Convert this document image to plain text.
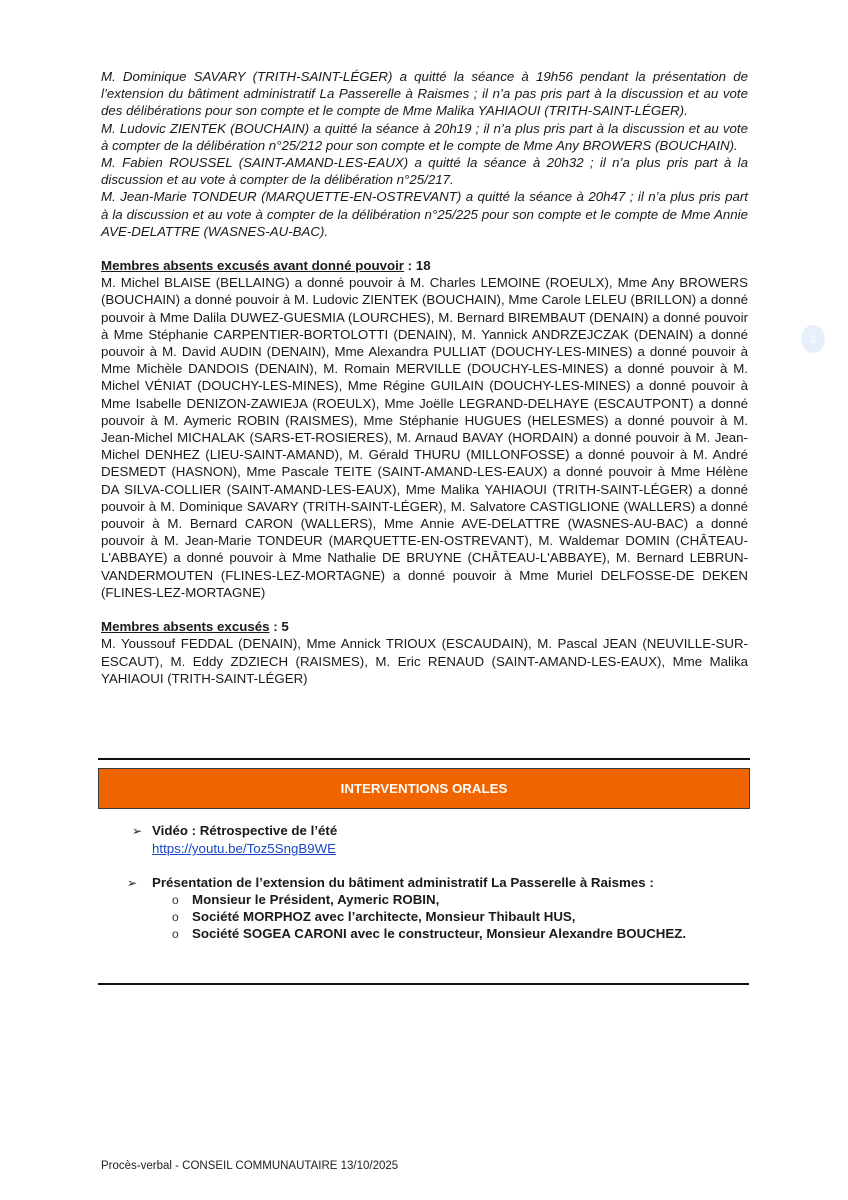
M. Dominique SAVARY (TRITH-SAINT-LÉGER) a quitté la séance à 19h56 pendant la présentation de l’extension du bâtiment administratif La Passerelle à Raismes ; il n’a pas pris part à la discussion et au vote des délibérations pour son compte et le compte de Mme Malika YAHIAOUI (TRITH-SAINT-LÉGER).

M. Ludovic ZIENTEK (BOUCHAIN) a quitté la séance à 20h19 ; il n’a plus pris part à la discussion et au vote à compter de la délibération n°25/212 pour son compte et le compte de Mme Any BROWERS (BOUCHAIN).

M. Fabien ROUSSEL (SAINT-AMAND-LES-EAUX) a quitté la séance à 20h32 ; il n’a plus pris part à la discussion et au vote à compter de la délibération n°25/217.

M. Jean-Marie TONDEUR (MARQUETTE-EN-OSTREVANT) a quitté la séance à 20h47 ; il n’a plus pris part à la discussion et au vote à compter de la délibération n°25/225 pour son compte et le compte de Mme Annie AVE-DELATTRE (WASNES-AU-BAC).

Membres absents excusés avant donné pouvoir : 18

M. Michel BLAISE (BELLAING) a donné pouvoir à M. Charles LEMOINE (ROEULX), Mme Any BROWERS (BOUCHAIN) a donné pouvoir à M. Ludovic ZIENTEK (BOUCHAIN), Mme Carole LELEU (BRILLON) a donné pouvoir à Mme Dalila DUWEZ-GUESMIA (LOURCHES), M. Bernard BIREMBAUT (DENAIN) a donné pouvoir à Mme Stéphanie CARPENTIER-BORTOLOTTI (DENAIN), M. Yannick ANDRZEJCZAK (DENAIN) a donné pouvoir à M. David AUDIN (DENAIN), Mme Alexandra PULLIAT (DOUCHY-LES-MINES) a donné pouvoir à Mme Michèle DANDOIS (DENAIN), M. Romain MERVILLE (DOUCHY-LES-MINES) a donné pouvoir à M. Michel VÉNIAT (DOUCHY-LES-MINES), Mme Régine GUILAIN (DOUCHY-LES-MINES) a donné pouvoir à Mme Isabelle DENIZON-ZAWIEJA (ROEULX), Mme Joëlle LEGRAND-DELHAYE (ESCAUTPONT) a donné pouvoir à M. Aymeric ROBIN (RAISMES), Mme Stéphanie HUGUES (HELESMES) a donné pouvoir à M. Jean-Michel MICHALAK (SARS-ET-ROSIERES), M. Arnaud BAVAY (HORDAIN) a donné pouvoir à M. Jean-Michel DENHEZ (LIEU-SAINT-AMAND), M. Gérald THURU (MILLONFOSSE) a donné pouvoir à M. André DESMEDT (HASNON), Mme Pascale TEITE (SAINT-AMAND-LES-EAUX) a donné pouvoir à Mme Hélène DA SILVA-COLLIER (SAINT-AMAND-LES-EAUX), Mme Malika YAHIAOUI (TRITH-SAINT-LÉGER) a donné pouvoir à M. Dominique SAVARY (TRITH-SAINT-LÉGER), M. Salvatore CASTIGLIONE (WALLERS) a donné pouvoir à M. Bernard CARON (WALLERS), Mme Annie AVE-DELATTRE (WASNES-AU-BAC) a donné pouvoir à M. Jean-Marie TONDEUR (MARQUETTE-EN-OSTREVANT), M. Waldemar DOMIN (CHÂTEAU-L'ABBAYE) a donné pouvoir à Mme Nathalie DE BRUYNE (CHÂTEAU-L'ABBAYE), M. Bernard LEBRUN-VANDERMOUTEN (FLINES-LEZ-MORTAGNE) a donné pouvoir à Mme Muriel DELFOSSE-DE DEKEN (FLINES-LEZ-MORTAGNE)

Membres absents excusés : 5

M. Youssouf FEDDAL (DENAIN), Mme Annick TRIOUX (ESCAUDAIN), M. Pascal JEAN (NEUVILLE-SUR-ESCAUT), M. Eddy ZDZIECH (RAISMES), M. Eric RENAUD (SAINT-AMAND-LES-EAUX), Mme Malika YAHIAOUI (TRITH-SAINT-LÉGER)

INTERVENTIONS ORALES
➢ Vidéo : Rétrospective de l’été
https://youtu.be/Toz5SngB9WE
➢ Présentation de l’extension du bâtiment administratif La Passerelle à Raismes :
o Monsieur le Président, Aymeric ROBIN,
o Société MORPHOZ avec l’architecte, Monsieur Thibault HUS,
o Société SOGEA CARONI avec le constructeur, Monsieur Alexandre BOUCHEZ.
2
Procès-verbal - CONSEIL COMMUNAUTAIRE 13/10/2025
